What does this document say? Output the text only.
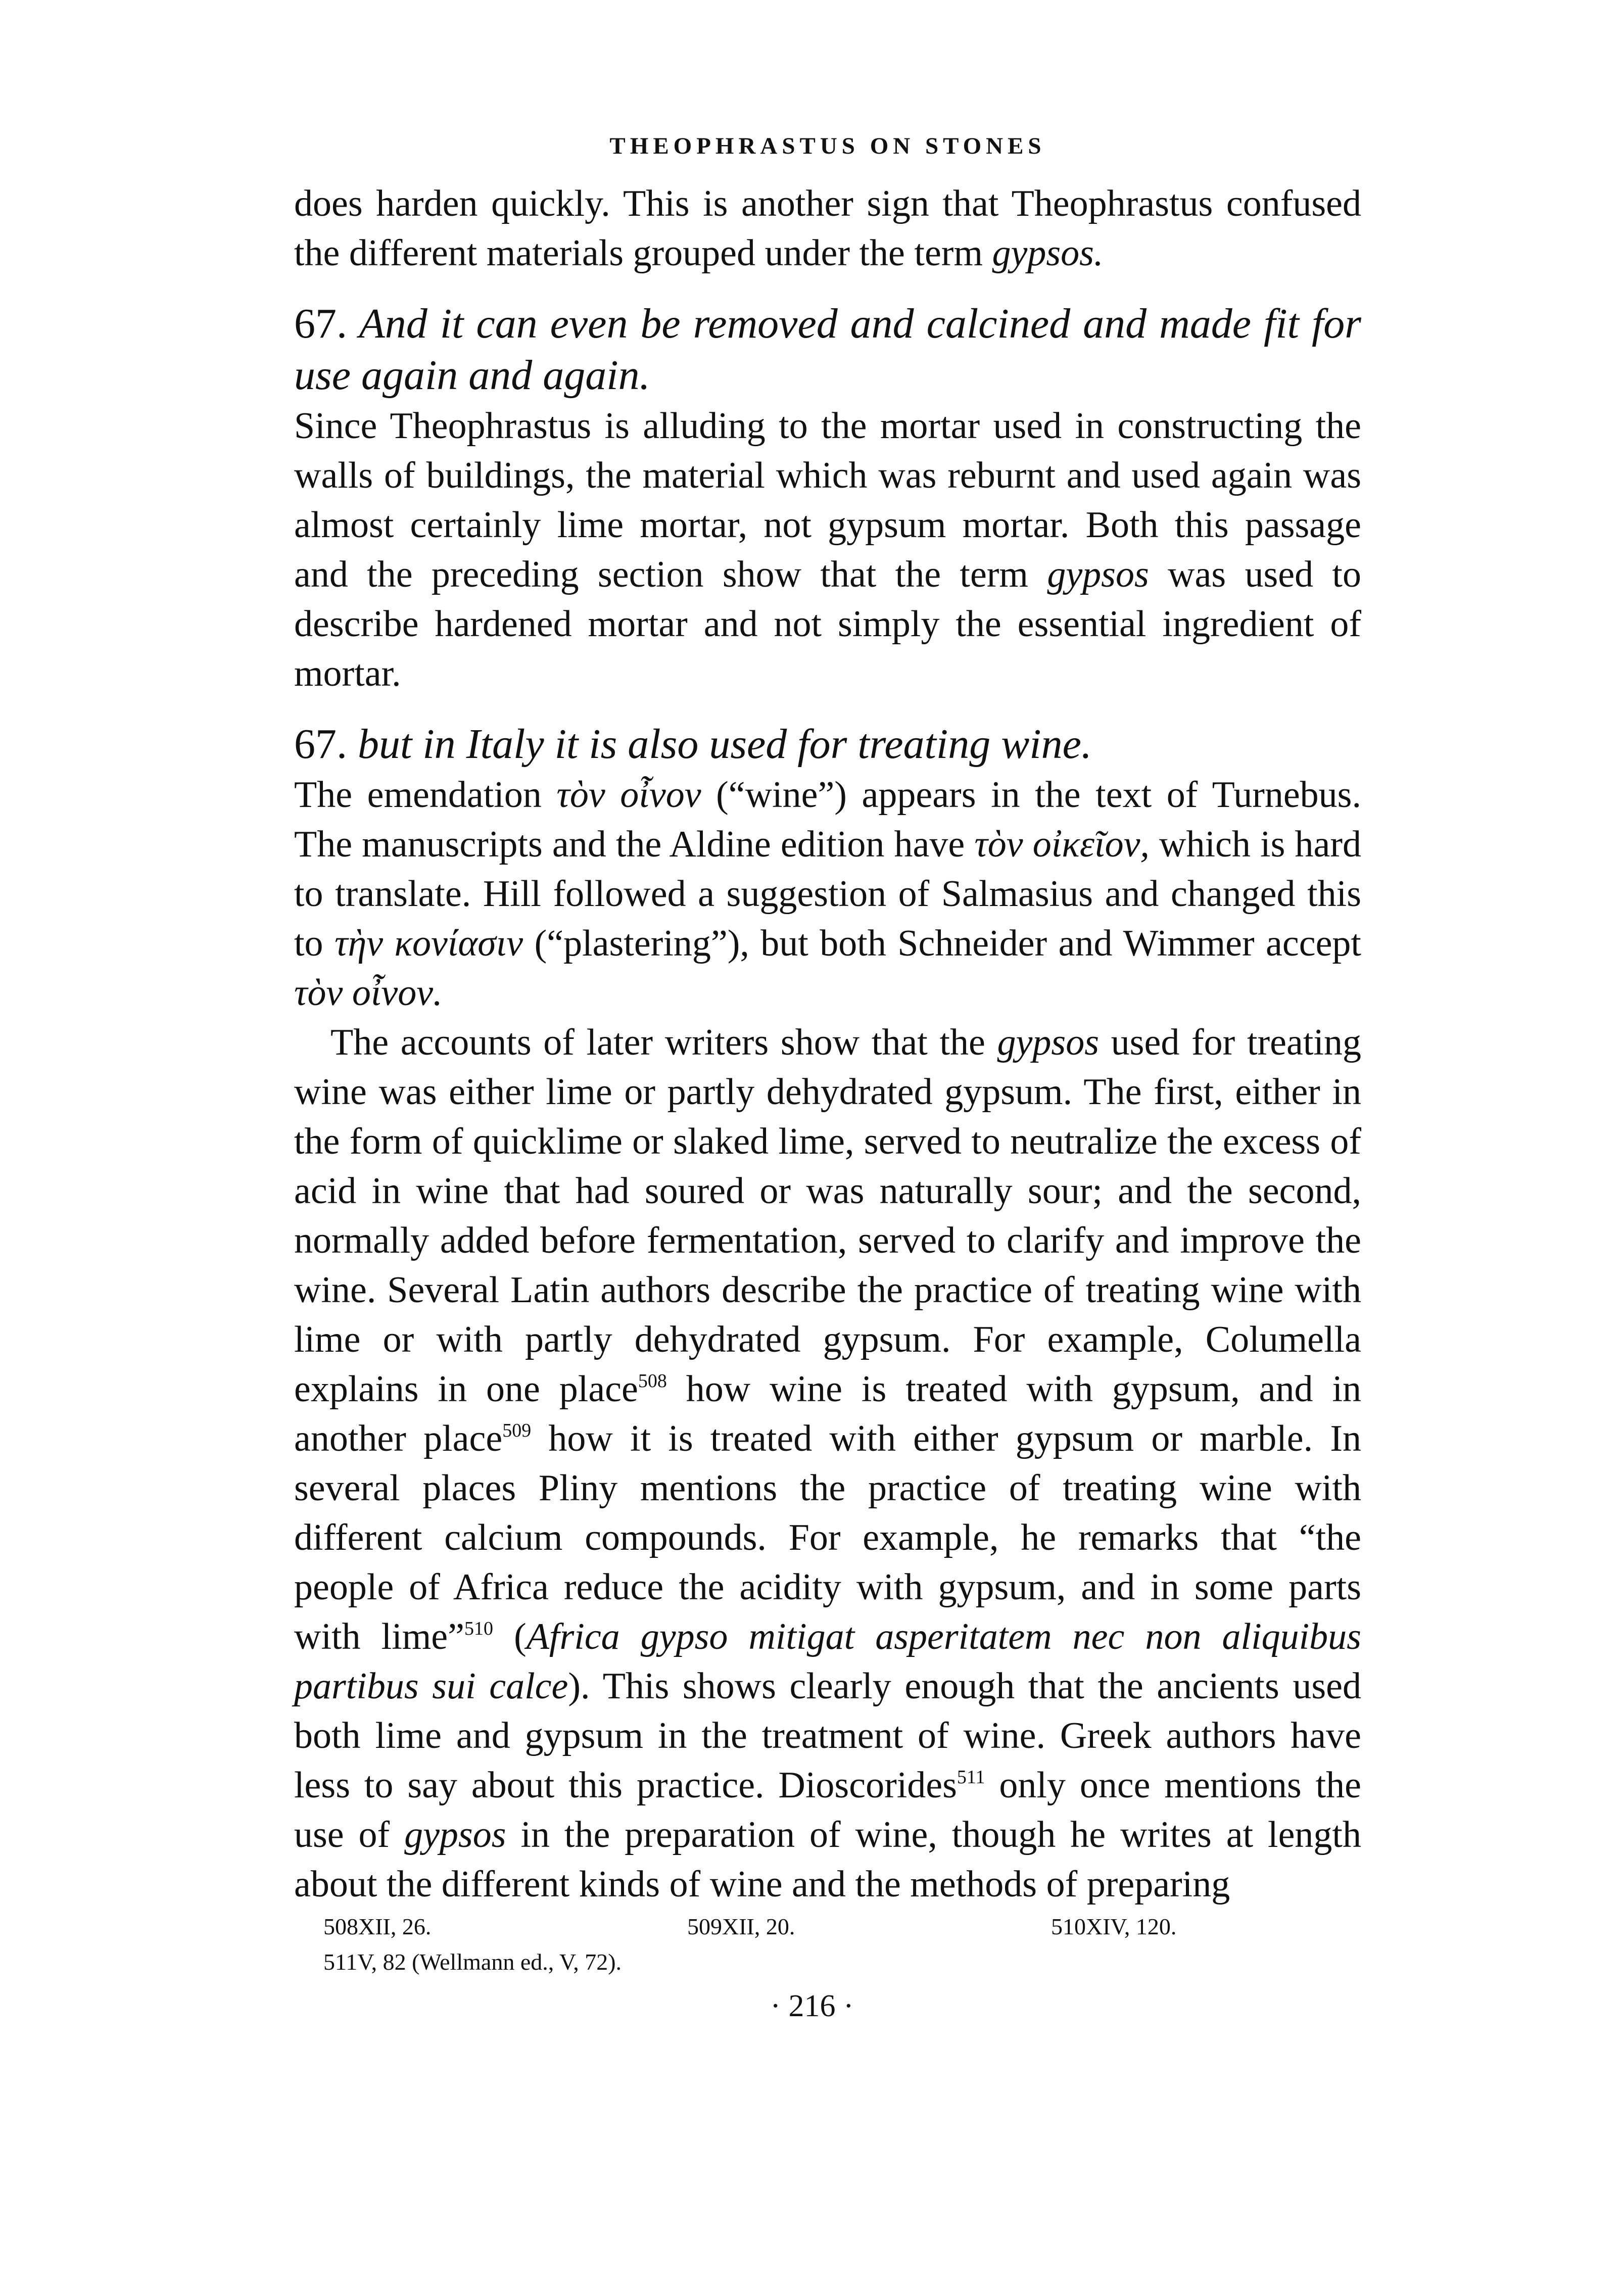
THEOPHRASTUS ON STONES

does harden quickly. This is another sign that Theophrastus confused the different materials grouped under the term gypsos.

67. And it can even be removed and calcined and made fit for use again and again.

Since Theophrastus is alluding to the mortar used in constructing the walls of buildings, the material which was reburnt and used again was almost certainly lime mortar, not gypsum mortar. Both this passage and the preceding section show that the term gypsos was used to describe hardened mortar and not simply the essential ingredient of mortar.

67. but in Italy it is also used for treating wine.

The emendation τὸν οἶνον (“wine”) appears in the text of Turnebus. The manuscripts and the Aldine edition have τὸν οἰκεῖον, which is hard to translate. Hill followed a suggestion of Salmasius and changed this to τὴν κονίασιν (“plastering”), but both Schneider and Wimmer accept τὸν οἶνον.

The accounts of later writers show that the gypsos used for treating wine was either lime or partly dehydrated gypsum. The first, either in the form of quicklime or slaked lime, served to neutralize the excess of acid in wine that had soured or was naturally sour; and the second, normally added before fermentation, served to clarify and improve the wine. Several Latin authors describe the practice of treating wine with lime or with partly dehydrated gypsum. For example, Columella explains in one place$^{508}$ how wine is treated with gypsum, and in another place$^{509}$ how it is treated with either gypsum or marble. In several places Pliny mentions the practice of treating wine with different calcium compounds. For example, he remarks that “the people of Africa reduce the acidity with gypsum, and in some parts with lime”$^{510}$ (Africa gypso mitigat asperitatem nec non aliquibus partibus sui calce). This shows clearly enough that the ancients used both lime and gypsum in the treatment of wine. Greek authors have less to say about this practice. Dioscorides$^{511}$ only once mentions the use of gypsos in the preparation of wine, though he writes at length about the different kinds of wine and the methods of preparing

508XII, 26.	509XII, 20.	510XIV, 120.
511V, 82 (Wellmann ed., V, 72).
· 216 ·
